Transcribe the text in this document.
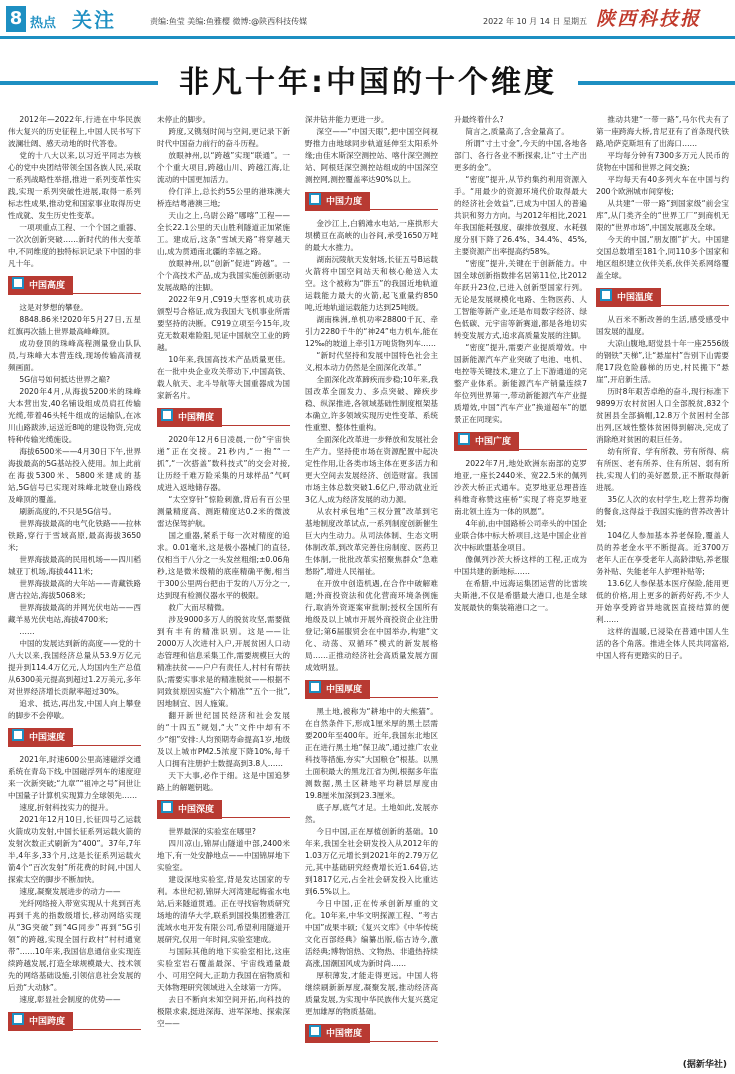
8 热点 关注	责编:鱼莹 美编:鱼雅樱 微博:@陕西科技传媒	2022 年 10 月 14 日 星期五 陕西科技报
非凡十年:中国的十个维度

2012年—2022年,行进在中华民族伟大复兴的历史征程上,中国人民书写下波澜壮阔、感天动地的时代答卷。

党的十八大以来,以习近平同志为核心的党中央团结带领全国各族人民,采取一系列战略性举措,推进一系列变革性实践,实现一系列突破性进展,取得一系列标志性成果,推动党和国家事业取得历史性成就、发生历史性变革。

一项项重点工程、一个个国之重器、一次次创新突破……新时代的伟大变革中,不同维度的独特标识记录下中国的非凡十年。

中国高度

这是对梦想的攀登。

8848.86米!2020年5月27日,五星红旗再次插上世界最高峰峰顶。

成功登顶的珠峰高程测量登山队队员,与珠峰大本营连线,现场传输高清视频画面。

5G信号如何抵达世界之巅?

2020年4月,从海拔5200米的珠峰大本营出发,40名铺设组成员肩扛传输光缆,带着46头牦牛组成的运输队,在冰川山路跋涉,运送近8吨的建设物资,完成特种传输光缆施设。

海拔6500米——4月30日下午,世界海拔最高的5G基站投入使用。加上此前在海拔5300米、5800米建成的基站,5G信号已实现对珠峰北坡登山路线及峰顶的覆盖。

刷新高度的,不只是5G信号。

世界海拔最高的电气化铁路——拉林铁路,穿行于雪域高原,最高海拔3650米;

世界海拔最高的民用机场——四川稻城亚丁机场,海拔4411米;

世界海拔最高的大年站——青藏铁路唐古拉站,海拔5068米;

世界海拔最高的并网光伏电站——西藏羊易光伏电站,海拔4700米;

……

中国的发展达到新的高度——党的十八大以来,我国经济总量从53.9万亿元提升到114.4万亿元,人均国内生产总值从6300美元提高到超过1.2万美元,多年对世界经济增长贡献率超过30%。

追求、抵达,再出发,中国人向上攀登的脚步不会停歇。

中国速度

2021年,时速600公里高速磁浮交通系统在青岛下线,中国磁浮列车的速度迎来一次新突破;“九章”“祖冲之号”问世让中国量子计算机实现算力全球领先……

速度,折射科技实力的提升。

2021年12月10日,长征四号乙运载火箭成功发射,中国长征系列运载火箭的发射次数正式刷新为“400”。37年,7年半,4年多,33个月,这是长征系列运载火箭4个“百次发射”所花费的时间,中国人探索太空的脚步不断加快。

速度,凝聚发展进步的动力——

光纤网络接入带宽实现从十兆到百兆再到千兆的指数级增长,移动网络实现从“3G突破”到“4G同步”再到“5G引领”的跨越,实现全国行政村“村村通宽带”……10年来,我国信息通信业实现连续跨越发展,打造全球规模最大、技术领先的网络基础设施,引领信息社会发展的后劲“大动脉”。

速度,彰显社会制度的优势——

中国跨度

未停止的脚步。

跨度,又镌刻时间与空间,更记录下新时代中国奋力前行的奋斗历程。

放眼神州,以“跨越”实现“联通”。一个个重大项目,跨越山川、跨越江海,让流动的中国更加活力。

伶仃洋上,总长约55公里的港珠澳大桥连结粤港澳三地;

天山之上,乌尉公路“哪喀”工程——全长22.1公里的天山胜利隧道正加紧施工。建成后,这条“雪域天路”将穿越天山,成为贯通南北疆的幸福之路。

放眼神州,以“创新”促进“跨越”。一个个高技术产品,成为我国实施创新驱动发展战略的注脚。

2022年9月,C919大型客机成功获颁型号合格证,成为我国大飞机事业所需要坚持的决断。C919立项至今15年,攻克无数艰难险阻,见证中国航空工业的跨越。

10年来,我国高技术产品质量更佳。在一批中央企业攻关带动下,中国高铁、载人航天、北斗导航等大国重器成为国家新名片。

中国精度

2020年12月6日凌晨,一份“宇宙快递”正在交接。21秒内,“一抱”“一抓”,“一次搭盖”数科技式”的交会对接,让历经千难万险采集的月球样品“气呵成进入返地储存器。

“太空穿针”惊险刺激,背后有百公里测量精度高、测距精度达0.2米的微波雷达保驾护航。

国之重器,紧系于每一次对精度的追求。0.01毫米,这是极小器械门的直径,仅相当于八分之一头发丝粗细;±0.06角秒,这是微米级精的底座精确平衡,相当于300公里两台把由于发的八万分之一,达到现有检测仪器水平的极限。

救广大而尽精微。

涉及9000多万人的脱贫攻坚,需要做到有丰有的精准识别。这是——让2000万人次进村入户,开展贫困人口动态管理和信息采集工作,需要规模巨大的精准扶贫——户户有责任人,村村有帮扶队;需要实事求是的精准脱贫——根据不同致贫原因实施“六个精准”“五个一批”,因地制宜、因人施策。

翻开新世纪国民经济和社会发展的“十四五”规划,“大”文件中却有不少“细”安排:人均预期寿命提高1岁,地级及以上城市PM2.5浓度下降10%,每千人口拥有注册护士数提高到3.8人……

天下大事,必作于细。这是中国追梦路上的解题钥匙。

中国深度

世界最深的实验室在哪里?

四川凉山,锦屏山隧道中部,2400米地下,有一处安静地点——中国锦屏地下实验室。

建设深地实验室,背是发达国家的专利。本世纪初,锦屏大河湾建起梅雀水电站,后来隧道贯通。正在寻找宿物质研究场地的清华大学,联系到国投集团雅砻江流域水电开发有限公司,希望利用隧道开展研究,仅用一年时间,实验室建成。

与国际其他的地下实验室相比,这座实验室岩石覆盖最深、宇宙线通量最小、可用空间大,正助力我国在宿物质和天体物理研究领域进入全球第一方阵。

去日不断向未知空间开拓,向科技的极限求索,挺进深海、进军深地、探索深空——

深井钻井能力更进一步。

深空——“中国天眼”,把中国空间视野推力由地球同步轨道延伸至太阳系外缘;由佳木斯深空测控站、喀什深空测控站、阿根廷深空测控站组成的中国深空测控网,测控覆盖率达90%以上。

中国力度

金沙江上,白鹤滩水电站,一座拱形大坝横亘在高峡的山谷间,承受1650万吨的最大水推力。

湖南沅陵航天发射场,长征五号B运载火箭将中国空间站天和核心舱送入太空。这个被称为“胖五”的我国近地轨道运载能力最大的火箭,起飞重量约850吨,近地轨道运载能力达到25吨级。

湖南株洲,单机功率28800千瓦、牵引力2280千牛的“神24”电力机车,能在12‰的坡道上牵引1万吨货物列车……

“新时代坚持和发展中国特色社会主义,根本动力仍然是全面深化改革。”

全面深化改革蹄疾而步稳;10年来,我国改革全面发力、多点突破、蹄疾步稳、纵深推进,各领域基础性制度框架基本确立,许多领域实现历史性变革、系统性重塑、整体性重构。

全面深化改革进一步释放和发展社会生产力。坚持使市场在资源配置中起决定性作用,让各类市场主体在更多活力和更大空间去发展经济、创造财富。我国市场主体总数突破1.6亿户,带动就业近3亿人,成为经济发展的动力源。

从农村承包地“三权分置”改革到宅基地制度改革试点,一系列制度创新催生巨大内生动力。从司法体制、生态文明体制改革,到改革完善住房制度、医药卫生体制,一批批改革实招聚焦群众“急难愁盼”,增进人民福祉。

在开放中创造机遇,在合作中破解难题;外商投资法和优化营商环境条例施行,取消外资逐案审批制;授权全国所有地级及以上城市开展外商投资企业注册登记;第6届服贸会在中国举办,构建“文化、动荡、双循环”模式的新发展格局……正推动经济社会高质量发展方面成效明显。

中国厚度

黑土地,被称为“耕地中的大熊猫”。在自然条件下,形成1厘米厚的黑土层需要200年至400年。近年,我国东北地区正在进行黑土地“保卫战”,通过推广农业科技等措施,夯实“大国粮仓”根基。以黑土面积最大的黑龙江省为例,根据多年监测数据,黑土区耕地平均耕层厚度由19.8厘米加深到23.3厘米。

底子厚,底气才足。土地如此,发展亦然。

今日中国,正在厚植创新的基础。10年来,我国全社会研发投入从2012年的1.03万亿元增长到2021年的2.79万亿元,其中基础研究经费增长近1.64倍,达到1817亿元,占全社会研发投入比重达到6.5%以上。

今日中国,正在传承创新厚重的文化。10年来,中华文明探源工程、“考古中国”成果丰硕;《复兴文库》《中华传统文化百部经典》编纂出版,临古诗今,激活经典;博物馆热、文物热、非遗热持续高涨,国潮国风成为新时尚……

厚积薄发,才能走得更远。中国人将继续刷新新厚度,凝聚发展,推动经济高质量发展,为实现中华民族伟大复兴奠定更加雄厚的物质基础。

中国密度

升最终着什么?

简言之,质量高了,含金量高了。

所谓“寸土寸金”,今天的中国,各地各部门、各行各业不断探索,让“寸土产出更多的金”。

“密度”提升,从节约集约利用资源入手。“用最少的资源环境代价取得最大的经济社会效益”,已成为中国人的普遍共识和努力方向。与2012年相比,2021年我国能耗强度、碳排放强度、水耗强度分别下降了26.4%、34.4%、45%,主要资源产出率提高约58%。

“密度”提升,关键在于创新能力。中国全球创新指数排名居第11位,比2012年跃升23位,已进入创新型国家行列。无论是发展规模化电路、生物医药、人工智能等新产业,还是布局数字经济、绿色低碳、元宇宙等新赛道,都是各地切实转变发展方式,追求高质量发展的注脚。

“密度”提升,需要产业提质增效。中国新能源汽车产业突破了电池、电机、电控等关键技术,建立了上下游通道的完整产业体系。新能源汽车产销量连续7年位列世界第一,带动新能源汽车产业提质增效,中国“汽车产业”换道超车”的愿景正在同现实。

中国广度

2022年7月,地处欧洲东南部的克罗地亚,一座长2440米、宽22.5米的佩列沙茨大桥正式通车。克罗地亚总理普连科维奇称赞这座桥“实现了将克罗地亚南北领土连为一体的夙愿”。

4年前,由中国路桥公司牵头的中国企业联合体中标大桥项目,这是中国企业首次中标欧盟基金项目。

像佩列沙茨大桥这样的工程,正成为中国共建的新地标……

在希腊,中远海运集团运营的比雷埃夫斯港,不仅是希腊最大港口,也是全球发展最快的集装箱港口之一。

推动共建“一带一路”,马尔代夫有了第一座跨海大桥,肯尼亚有了首条现代铁路,哈萨克斯坦有了出海口……

平均每分钟有7300多万元人民币的货物在中国和世界之间交换;

平均每天有40多列火车在中国与约200个欧洲城市间穿梭;

从共建“一带一路”到国家级“前会宝库”,从门类齐全的“世界工厂”到商机无限的“世界市场”,中国发展惠及全球。

今天的中国,“朋友圈”扩大。中国建交国总数增至181个,同110多个国家和地区组织建立伙伴关系,伙伴关系网络覆盖全球。

中国温度

从百米不断改善的生活,感受感受中国发展的温度。

大凉山腹地,昭觉县十年一座2556级的钢铁“天梯”,让“悬崖村”告别下山需要爬17段危险藤梯的历史,村民搬下“悬崖”,开启新生活。

历时8年艰苦卓绝的奋斗,现行标准下9899万农村贫困人口全部脱贫,832个贫困县全部摘帽,12.8万个贫困村全部出列,区域性整体贫困得到解决,完成了消除绝对贫困的艰巨任务。

幼有所育、学有所教、劳有所得、病有所医、老有所养、住有所居、弱有所扶,实现人们的美好愿景,正不断取得新进展。

35亿人次的农村学生,吃上营养均衡的餐食,这得益于我国实施的营养改善计划;

104亿人参加基本养老保险,覆盖人员的养老金水平不断提高。近3700万老年人正在享受老年人高龄津贴,养老服务补贴、失能老年人护理补贴等;

13.6亿人参保基本医疗保险,能用更低的价格,用上更多的新药好药,不少人开始享受跨省异地就医直接结算的便利……

这样的温暖,已浸染在普通中国人生活的各个角落。推进全体人民共同富裕,中国人将有更踏实的日子。

(据新华社)
